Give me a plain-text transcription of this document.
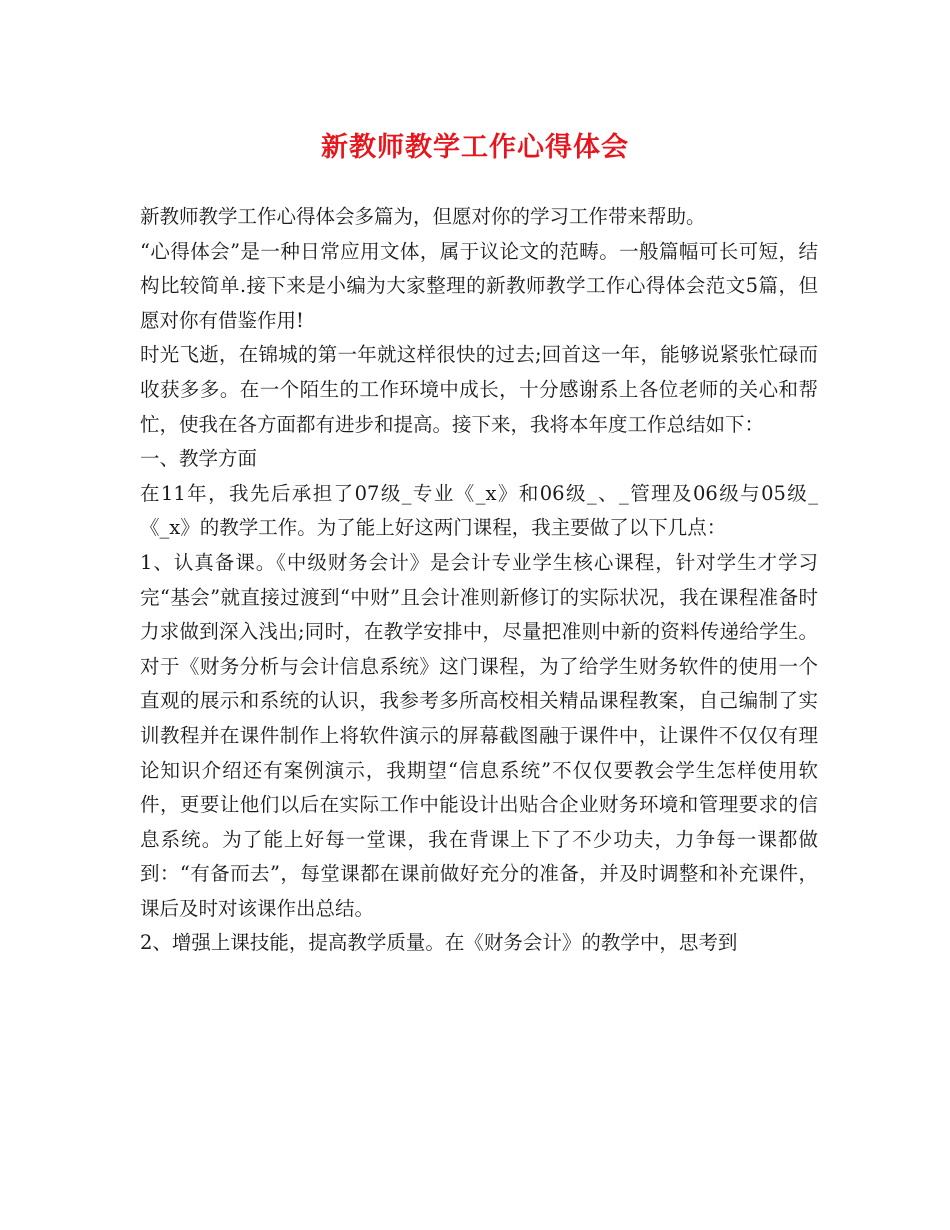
新教师教学工作心得体会

新教师教学工作心得体会多篇为，但愿对你的学习工作带来帮助。

“心得体会”是一种日常应用文体，属于议论文的范畴。一般篇幅可长可短，结构比较简单.接下来是小编为大家整理的新教师教学工作心得体会范文5篇，但愿对你有借鉴作用!

时光飞逝，在锦城的第一年就这样很快的过去;回首这一年，能够说紧张忙碌而收获多多。在一个陌生的工作环境中成长，十分感谢系上各位老师的关心和帮忙，使我在各方面都有进步和提高。接下来，我将本年度工作总结如下：

一、教学方面

在11年，我先后承担了07级_专业《_x》和06级_、_管理及06级与05级_《_x》的教学工作。为了能上好这两门课程，我主要做了以下几点：

1、认真备课。《中级财务会计》是会计专业学生核心课程，针对学生才学习完“基会”就直接过渡到“中财”且会计准则新修订的实际状况，我在课程准备时力求做到深入浅出;同时，在教学安排中，尽量把准则中新的资料传递给学生。对于《财务分析与会计信息系统》这门课程，为了给学生财务软件的使用一个直观的展示和系统的认识，我参考多所高校相关精品课程教案，自己编制了实训教程并在课件制作上将软件演示的屏幕截图融于课件中，让课件不仅仅有理论知识介绍还有案例演示，我期望“信息系统”不仅仅要教会学生怎样使用软件，更要让他们以后在实际工作中能设计出贴合企业财务环境和管理要求的信息系统。为了能上好每一堂课，我在背课上下了不少功夫，力争每一课都做到：“有备而去”，每堂课都在课前做好充分的准备，并及时调整和补充课件，课后及时对该课作出总结。

2、增强上课技能，提高教学质量。在《财务会计》的教学中，思考到
